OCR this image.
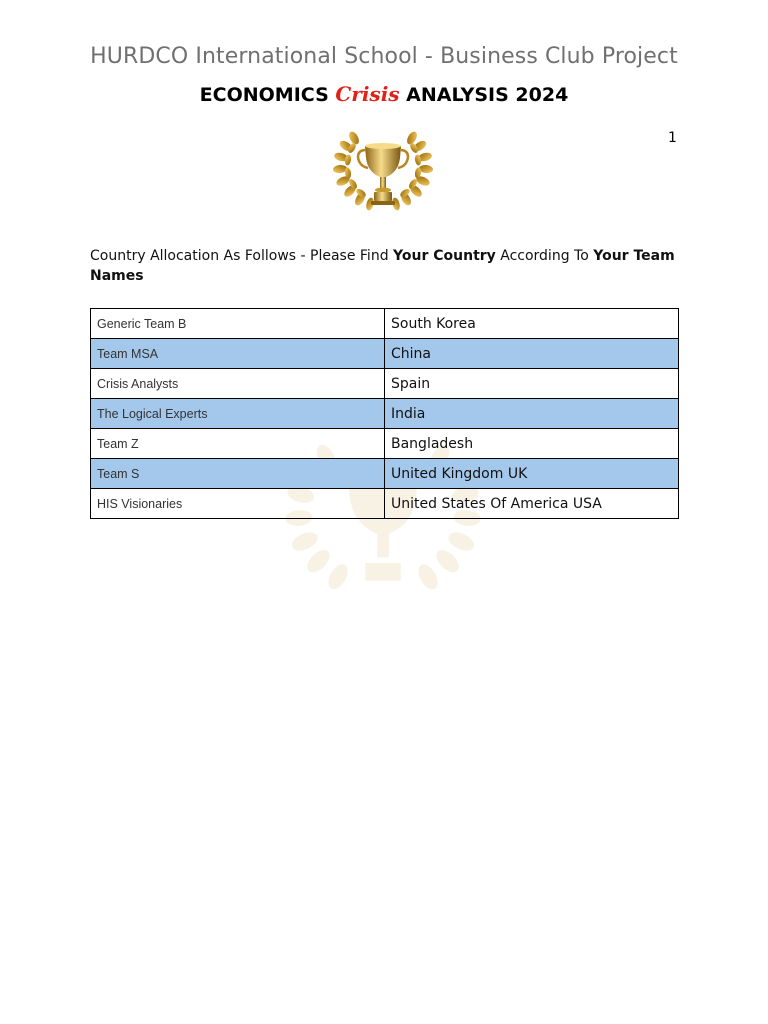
HURDCO International School - Business Club Project
ECONOMICS Crisis ANALYSIS 2024
1
Country Allocation As Follows - Please Find Your Country According To Your Team Names
Generic Team B	South Korea
Team MSA	China
Crisis Analysts	Spain
The Logical Experts	India
Team Z	Bangladesh
Team S	United Kingdom UK
HIS Visionaries	United States Of America USA
